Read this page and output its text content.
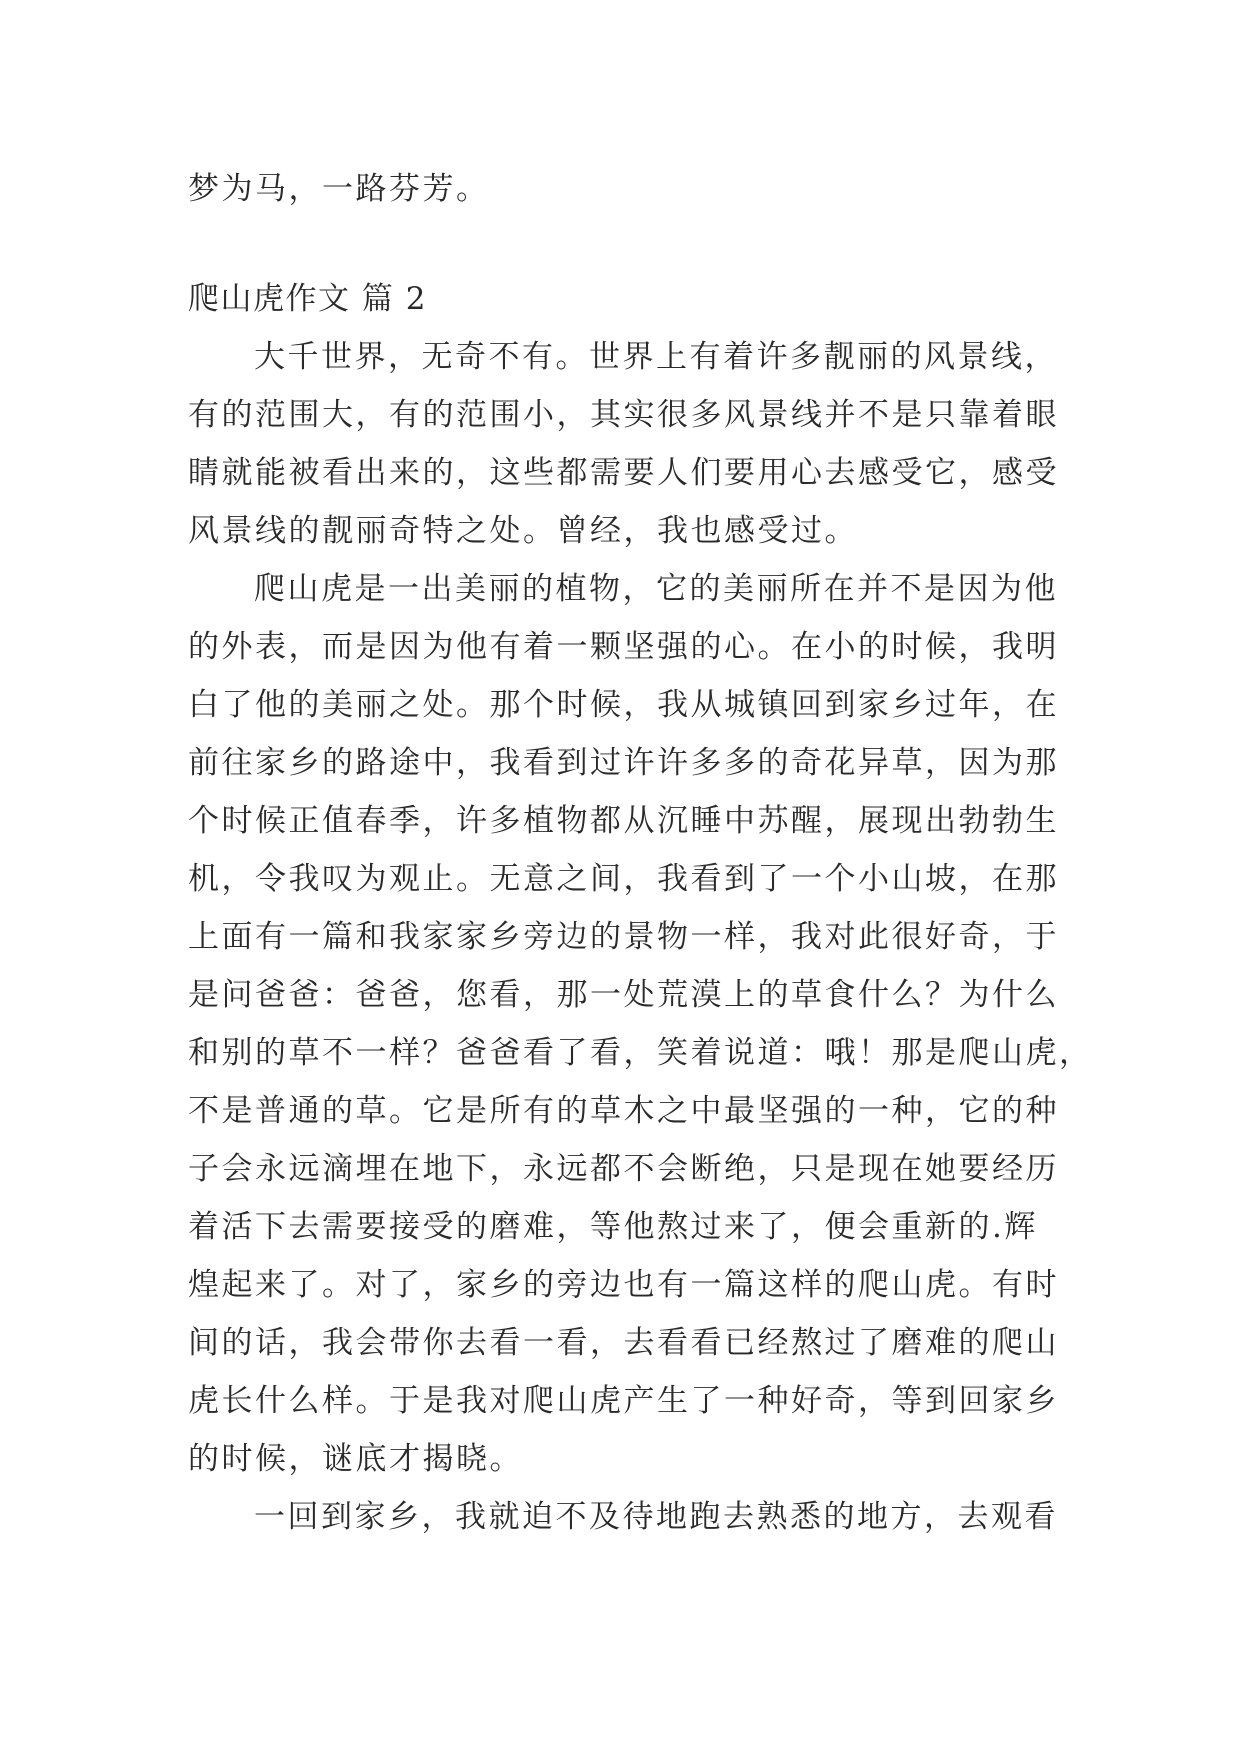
梦为马，一路芬芳。
爬山虎作文 篇 2
大千世界，无奇不有。世界上有着许多靓丽的风景线，
有的范围大，有的范围小，其实很多风景线并不是只靠着眼
睛就能被看出来的，这些都需要人们要用心去感受它，感受
风景线的靓丽奇特之处。曾经，我也感受过。
爬山虎是一出美丽的植物，它的美丽所在并不是因为他
的外表，而是因为他有着一颗坚强的心。在小的时候，我明
白了他的美丽之处。那个时候，我从城镇回到家乡过年，在
前往家乡的路途中，我看到过许许多多的奇花异草，因为那
个时候正值春季，许多植物都从沉睡中苏醒，展现出勃勃生
机，令我叹为观止。无意之间，我看到了一个小山坡，在那
上面有一篇和我家家乡旁边的景物一样，我对此很好奇，于
是问爸爸：爸爸，您看，那一处荒漠上的草食什么？为什么
和别的草不一样？爸爸看了看，笑着说道：哦！那是爬山虎，
不是普通的草。它是所有的草木之中最坚强的一种，它的种
子会永远滴埋在地下，永远都不会断绝，只是现在她要经历
着活下去需要接受的磨难，等他熬过来了，便会重新的.辉
煌起来了。对了，家乡的旁边也有一篇这样的爬山虎。有时
间的话，我会带你去看一看，去看看已经熬过了磨难的爬山
虎长什么样。于是我对爬山虎产生了一种好奇，等到回家乡
的时候，谜底才揭晓。
一回到家乡，我就迫不及待地跑去熟悉的地方，去观看
